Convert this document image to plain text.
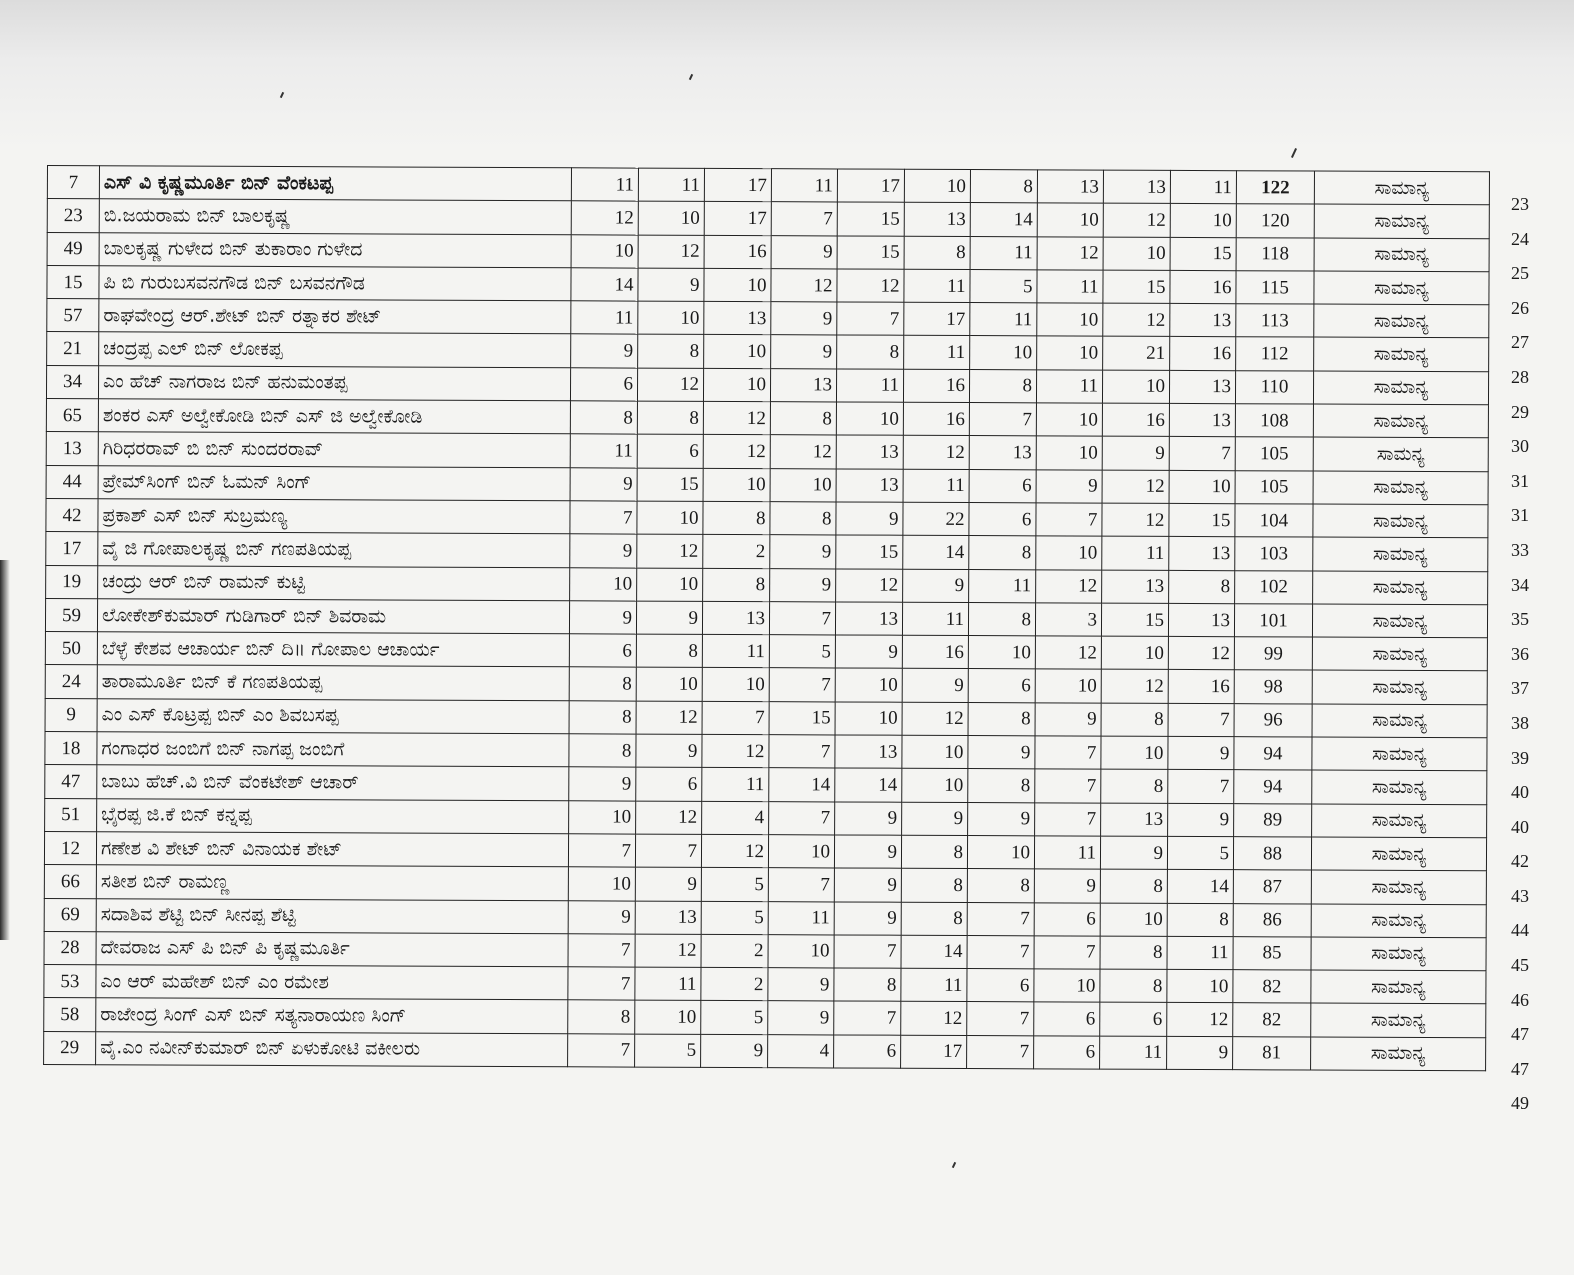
7	ಎಸ್ ವಿ ಕೃಷ್ಣಮೂರ್ತಿ ಬಿನ್ ವೆಂಕಟಪ್ಪ	11	11	17	11	17	10	8	13	13	11	122	ಸಾಮಾನ್ಯ
23	ಬಿ.ಜಯರಾಮ ಬಿನ್ ಬಾಲಕೃಷ್ಣ	12	10	17	7	15	13	14	10	12	10	120	ಸಾಮಾನ್ಯ
49	ಬಾಲಕೃಷ್ಣ ಗುಳೇದ ಬಿನ್ ತುಕಾರಾಂ ಗುಳೇದ	10	12	16	9	15	8	11	12	10	15	118	ಸಾಮಾನ್ಯ
15	ಪಿ ಬಿ ಗುರುಬಸವನಗೌಡ ಬಿನ್ ಬಸವನಗೌಡ	14	9	10	12	12	11	5	11	15	16	115	ಸಾಮಾನ್ಯ
57	ರಾಘವೇಂದ್ರ ಆರ್.ಶೇಟ್ ಬಿನ್ ರತ್ನಾಕರ ಶೇಟ್	11	10	13	9	7	17	11	10	12	13	113	ಸಾಮಾನ್ಯ
21	ಚಂದ್ರಪ್ಪ ಎಲ್ ಬಿನ್ ಲೋಕಪ್ಪ	9	8	10	9	8	11	10	10	21	16	112	ಸಾಮಾನ್ಯ
34	ಎಂ ಹೆಚ್ ನಾಗರಾಜ ಬಿನ್ ಹನುಮಂತಪ್ಪ	6	12	10	13	11	16	8	11	10	13	110	ಸಾಮಾನ್ಯ
65	ಶಂಕರ ಎಸ್ ಅಲ್ವೇಕೋಡಿ ಬಿನ್ ಎಸ್ ಜಿ ಅಲ್ವೇಕೋಡಿ	8	8	12	8	10	16	7	10	16	13	108	ಸಾಮಾನ್ಯ
13	ಗಿರಿಧರರಾವ್ ಬಿ ಬಿನ್ ಸುಂದರರಾವ್	11	6	12	12	13	12	13	10	9	7	105	ಸಾಮನ್ಯ
44	ಪ್ರೇಮ್‌ಸಿಂಗ್ ಬಿನ್ ಓಮನ್ ಸಿಂಗ್	9	15	10	10	13	11	6	9	12	10	105	ಸಾಮಾನ್ಯ
42	ಪ್ರಕಾಶ್ ಎಸ್ ಬಿನ್ ಸುಬ್ರಮಣ್ಯ	7	10	8	8	9	22	6	7	12	15	104	ಸಾಮಾನ್ಯ
17	ವೈ ಜಿ ಗೋಪಾಲಕೃಷ್ಣ ಬಿನ್ ಗಣಪತಿಯಪ್ಪ	9	12	2	9	15	14	8	10	11	13	103	ಸಾಮಾನ್ಯ
19	ಚಂದ್ರು ಆರ್ ಬಿನ್ ರಾಮನ್ ಕುಟ್ಟಿ	10	10	8	9	12	9	11	12	13	8	102	ಸಾಮಾನ್ಯ
59	ಲೋಕೇಶ್‌ಕುಮಾರ್ ಗುಡಿಗಾರ್ ಬಿನ್ ಶಿವರಾಮ	9	9	13	7	13	11	8	3	15	13	101	ಸಾಮಾನ್ಯ
50	ಬೆಳ್ಳೆ ಕೇಶವ ಆಚಾರ್ಯ ಬಿನ್ ದಿ॥ ಗೋಪಾಲ ಆಚಾರ್ಯ	6	8	11	5	9	16	10	12	10	12	99	ಸಾಮಾನ್ಯ
24	ತಾರಾಮೂರ್ತಿ ಬಿನ್ ಕೆ ಗಣಪತಿಯಪ್ಪ	8	10	10	7	10	9	6	10	12	16	98	ಸಾಮಾನ್ಯ
9	ಎಂ ಎಸ್ ಕೊಟ್ರಪ್ಪ ಬಿನ್ ಎಂ ಶಿವಬಸಪ್ಪ	8	12	7	15	10	12	8	9	8	7	96	ಸಾಮಾನ್ಯ
18	ಗಂಗಾಧರ ಜಂಬಿಗೆ ಬಿನ್ ನಾಗಪ್ಪ ಜಂಬಿಗೆ	8	9	12	7	13	10	9	7	10	9	94	ಸಾಮಾನ್ಯ
47	ಬಾಬು ಹೆಚ್.ವಿ ಬಿನ್ ವೆಂಕಟೇಶ್ ಆಚಾರ್	9	6	11	14	14	10	8	7	8	7	94	ಸಾಮಾನ್ಯ
51	ಭೈರಪ್ಪ ಜಿ.ಕೆ ಬಿನ್ ಕನ್ನಪ್ಪ	10	12	4	7	9	9	9	7	13	9	89	ಸಾಮಾನ್ಯ
12	ಗಣೇಶ ವಿ ಶೇಟ್ ಬಿನ್ ವಿನಾಯಕ ಶೇಟ್	7	7	12	10	9	8	10	11	9	5	88	ಸಾಮಾನ್ಯ
66	ಸತೀಶ ಬಿನ್ ರಾಮಣ್ಣ	10	9	5	7	9	8	8	9	8	14	87	ಸಾಮಾನ್ಯ
69	ಸದಾಶಿವ ಶೆಟ್ಟಿ ಬಿನ್ ಸೀನಪ್ಪ ಶೆಟ್ಟಿ	9	13	5	11	9	8	7	6	10	8	86	ಸಾಮಾನ್ಯ
28	ದೇವರಾಜ ಎಸ್ ಪಿ ಬಿನ್ ಪಿ ಕೃಷ್ಣಮೂರ್ತಿ	7	12	2	10	7	14	7	7	8	11	85	ಸಾಮಾನ್ಯ
53	ಎಂ ಆರ್ ಮಹೇಶ್ ಬಿನ್ ಎಂ ರಮೇಶ	7	11	2	9	8	11	6	10	8	10	82	ಸಾಮಾನ್ಯ
58	ರಾಜೇಂದ್ರ ಸಿಂಗ್ ಎಸ್ ಬಿನ್ ಸತ್ಯನಾರಾಯಣ ಸಿಂಗ್	8	10	5	9	7	12	7	6	6	12	82	ಸಾಮಾನ್ಯ
29	ವೈ.ಎಂ ನವೀನ್‌ಕುಮಾರ್ ಬಿನ್ ಏಳುಕೋಟಿ ವಕೀಲರು	7	5	9	4	6	17	7	6	11	9	81	ಸಾಮಾನ್ಯ
23
24
25
26
27
28
29
30
31
31
33
34
35
36
37
38
39
40
40
42
43
44
45
46
47
47
49
